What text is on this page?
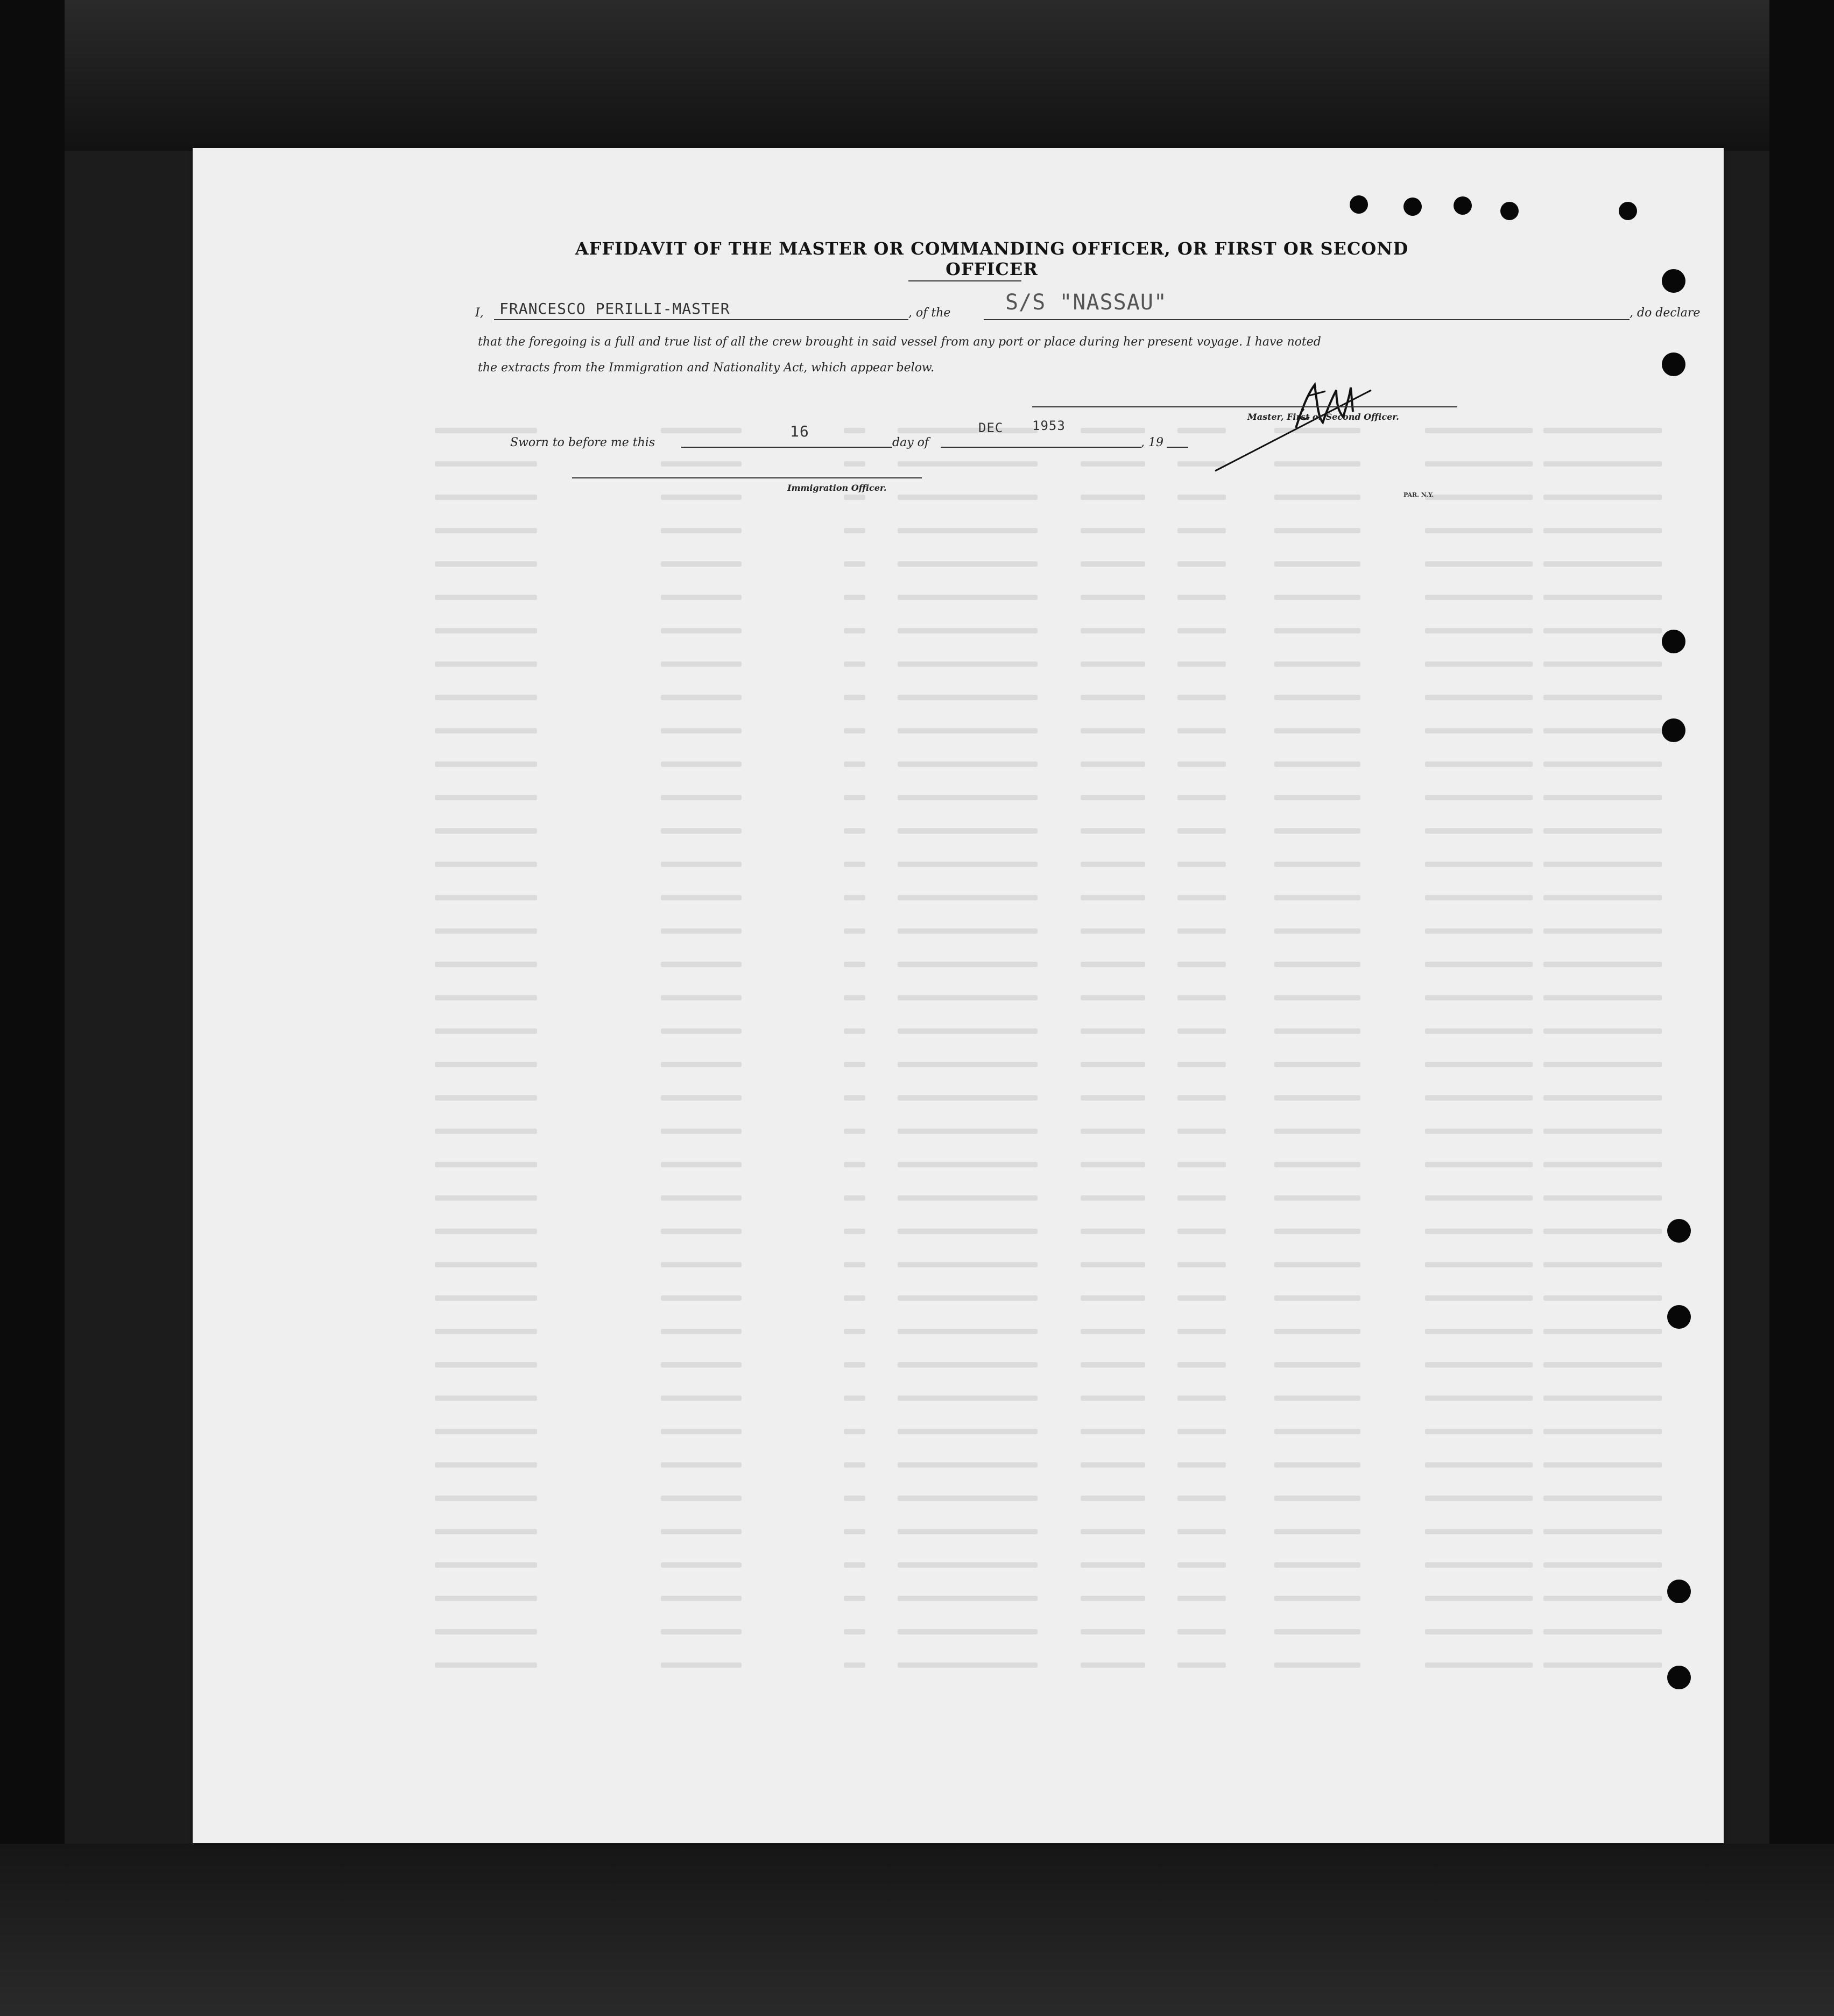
AFFIDAVIT OF THE MASTER OR COMMANDING OFFICER, OR FIRST OR SECOND OFFICER
I, FRANCESCO PERILLI-MASTER	, of the	S/S "NASSAU"	, do declare
that the foregoing is a full and true list of all the crew brought in said vessel from any port or place during her present voyage. I have noted
the extracts from the Immigration and Nationality Act, which appear below.
Master, First or Second Officer.
Sworn to before me this
16
day of
DEC 1953
, 19
Immigration Officer.
PAR. N.Y.
